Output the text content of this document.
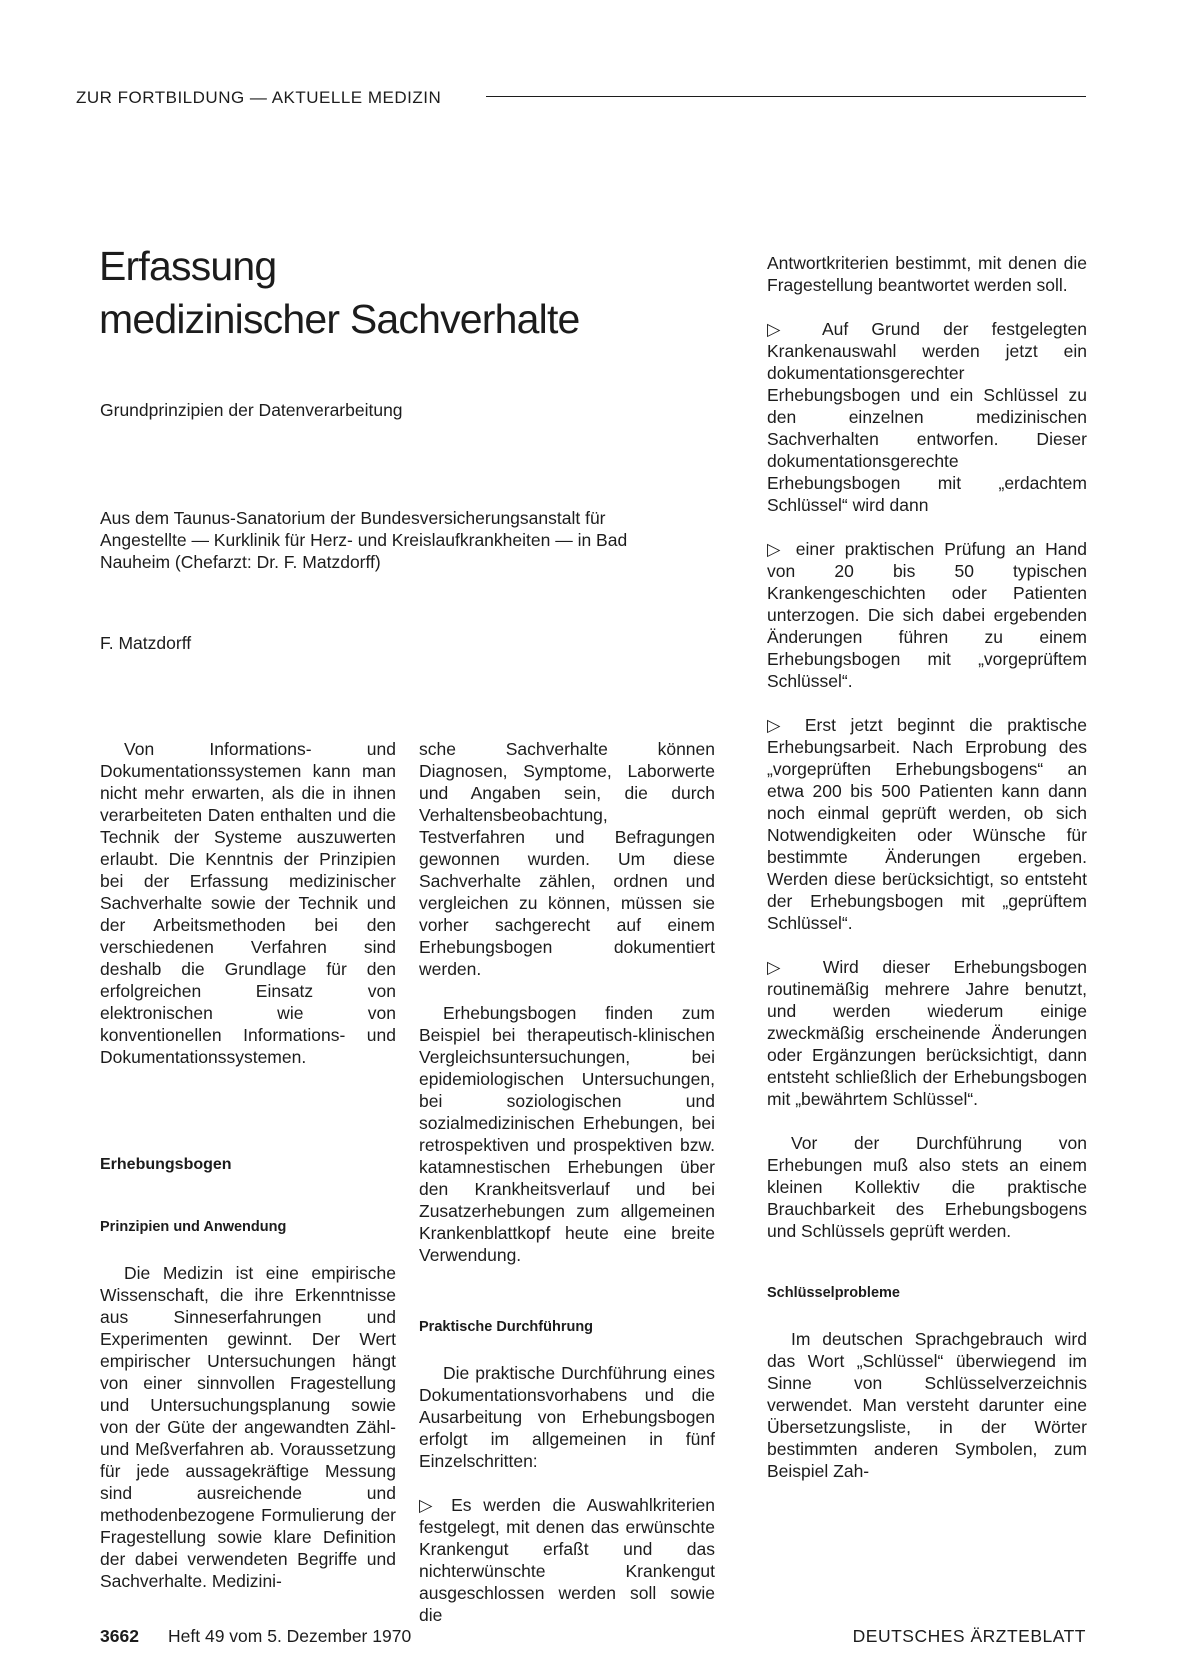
ZUR FORTBILDUNG — AKTUELLE MEDIZIN
Erfassung
medizinischer Sachverhalte

Grundprinzipien der Datenverarbeitung

Aus dem Taunus-Sanatorium der Bundesversicherungsanstalt für Angestellte — Kurklinik für Herz- und Kreislaufkrankheiten — in Bad Nauheim (Chefarzt: Dr. F. Matzdorff)

F. Matzdorff

Von Informations- und Dokumentationssystemen kann man nicht mehr erwarten, als die in ihnen verarbeiteten Daten enthalten und die Technik der Systeme auszuwerten erlaubt. Die Kenntnis der Prinzipien bei der Erfassung medizinischer Sachverhalte sowie der Technik und der Arbeitsmethoden bei den verschiedenen Verfahren sind deshalb die Grundlage für den erfolgreichen Einsatz von elektronischen wie von konventionellen Informations- und Dokumentationssystemen.

Erhebungsbogen

Prinzipien und Anwendung

Die Medizin ist eine empirische Wissenschaft, die ihre Erkenntnisse aus Sinneserfahrungen und Experimenten gewinnt. Der Wert empirischer Untersuchungen hängt von einer sinnvollen Fragestellung und Untersuchungsplanung sowie von der Güte der angewandten Zähl- und Meßverfahren ab. Voraussetzung für jede aussagekräftige Messung sind ausreichende und methodenbezogene Formulierung der Fragestellung sowie klare Definition der dabei verwendeten Begriffe und Sachverhalte. Medizini-

sche Sachverhalte können Diagnosen, Symptome, Laborwerte und Angaben sein, die durch Verhaltensbeobachtung, Testverfahren und Befragungen gewonnen wurden. Um diese Sachverhalte zählen, ordnen und vergleichen zu können, müssen sie vorher sachgerecht auf einem Erhebungsbogen dokumentiert werden.

Erhebungsbogen finden zum Beispiel bei therapeutisch-klinischen Vergleichsuntersuchungen, bei epidemiologischen Untersuchungen, bei soziologischen und sozialmedizinischen Erhebungen, bei retrospektiven und prospektiven bzw. katamnestischen Erhebungen über den Krankheitsverlauf und bei Zusatzerhebungen zum allgemeinen Krankenblattkopf heute eine breite Verwendung.

Praktische Durchführung

Die praktische Durchführung eines Dokumentationsvorhabens und die Ausarbeitung von Erhebungsbogen erfolgt im allgemeinen in fünf Einzelschritten:

▷ Es werden die Auswahlkriterien festgelegt, mit denen das erwünschte Krankengut erfaßt und das nichterwünschte Krankengut ausgeschlossen werden soll sowie die

Antwortkriterien bestimmt, mit denen die Fragestellung beantwortet werden soll.

▷ Auf Grund der festgelegten Krankenauswahl werden jetzt ein dokumentationsgerechter Erhebungsbogen und ein Schlüssel zu den einzelnen medizinischen Sachverhalten entworfen. Dieser dokumentationsgerechte Erhebungsbogen mit „erdachtem Schlüssel“ wird dann

▷ einer praktischen Prüfung an Hand von 20 bis 50 typischen Krankengeschichten oder Patienten unterzogen. Die sich dabei ergebenden Änderungen führen zu einem Erhebungsbogen mit „vorgeprüftem Schlüssel“.

▷ Erst jetzt beginnt die praktische Erhebungsarbeit. Nach Erprobung des „vorgeprüften Erhebungsbogens“ an etwa 200 bis 500 Patienten kann dann noch einmal geprüft werden, ob sich Notwendigkeiten oder Wünsche für bestimmte Änderungen ergeben. Werden diese berücksichtigt, so entsteht der Erhebungsbogen mit „geprüftem Schlüssel“.

▷ Wird dieser Erhebungsbogen routinemäßig mehrere Jahre benutzt, und werden wiederum einige zweckmäßig erscheinende Änderungen oder Ergänzungen berücksichtigt, dann entsteht schließlich der Erhebungsbogen mit „bewährtem Schlüssel“.

Vor der Durchführung von Erhebungen muß also stets an einem kleinen Kollektiv die praktische Brauchbarkeit des Erhebungsbogens und Schlüssels geprüft werden.

Schlüsselprobleme

Im deutschen Sprachgebrauch wird das Wort „Schlüssel“ überwiegend im Sinne von Schlüsselverzeichnis verwendet. Man versteht darunter eine Übersetzungsliste, in der Wörter bestimmten anderen Symbolen, zum Beispiel Zah-

3662 Heft 49 vom 5. Dezember 1970	DEUTSCHES ÄRZTEBLATT
